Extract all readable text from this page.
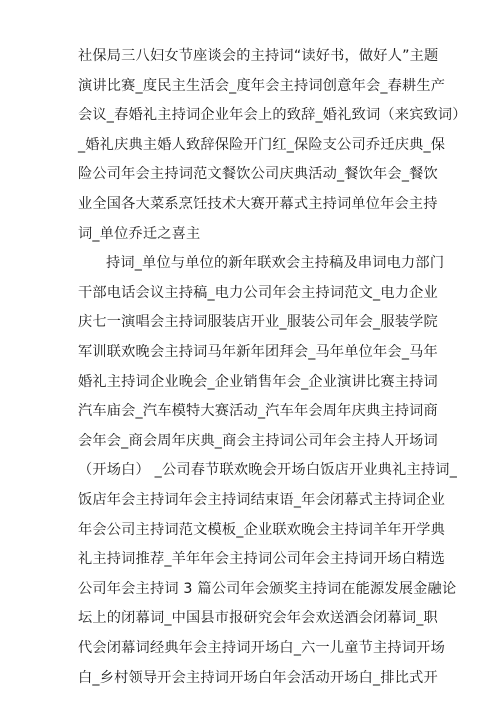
社保局三八妇女节座谈会的主持词“读好书，做好人”主题
演讲比赛_度民主生活会_度年会主持词创意年会_春耕生产
会议_春婚礼主持词企业年会上的致辞_婚礼致词（来宾致词）
_婚礼庆典主婚人致辞保险开门红_保险支公司乔迁庆典_保
险公司年会主持词范文餐饮公司庆典活动_餐饮年会_餐饮
业全国各大菜系烹饪技术大赛开幕式主持词单位年会主持
词_单位乔迁之喜主
持词_单位与单位的新年联欢会主持稿及串词电力部门
干部电话会议主持稿_电力公司年会主持词范文_电力企业
庆七一演唱会主持词服装店开业_服装公司年会_服装学院
军训联欢晚会主持词马年新年团拜会_马年单位年会_马年
婚礼主持词企业晚会_企业销售年会_企业演讲比赛主持词
汽车庙会_汽车模特大赛活动_汽车年会周年庆典主持词商
会年会_商会周年庆典_商会主持词公司年会主持人开场词
（开场白） _公司春节联欢晚会开场白饭店开业典礼主持词_
饭店年会主持词年会主持词结束语_年会闭幕式主持词企业
年会公司主持词范文模板_企业联欢晚会主持词羊年开学典
礼主持词推荐_羊年年会主持词公司年会主持词开场白精选
公司年会主持词 3 篇公司年会颁奖主持词在能源发展金融论
坛上的闭幕词_中国县市报研究会年会欢送酒会闭幕词_职
代会闭幕词经典年会主持词开场白_六一儿童节主持词开场
白_乡村领导开会主持词开场白年会活动开场白_排比式开
